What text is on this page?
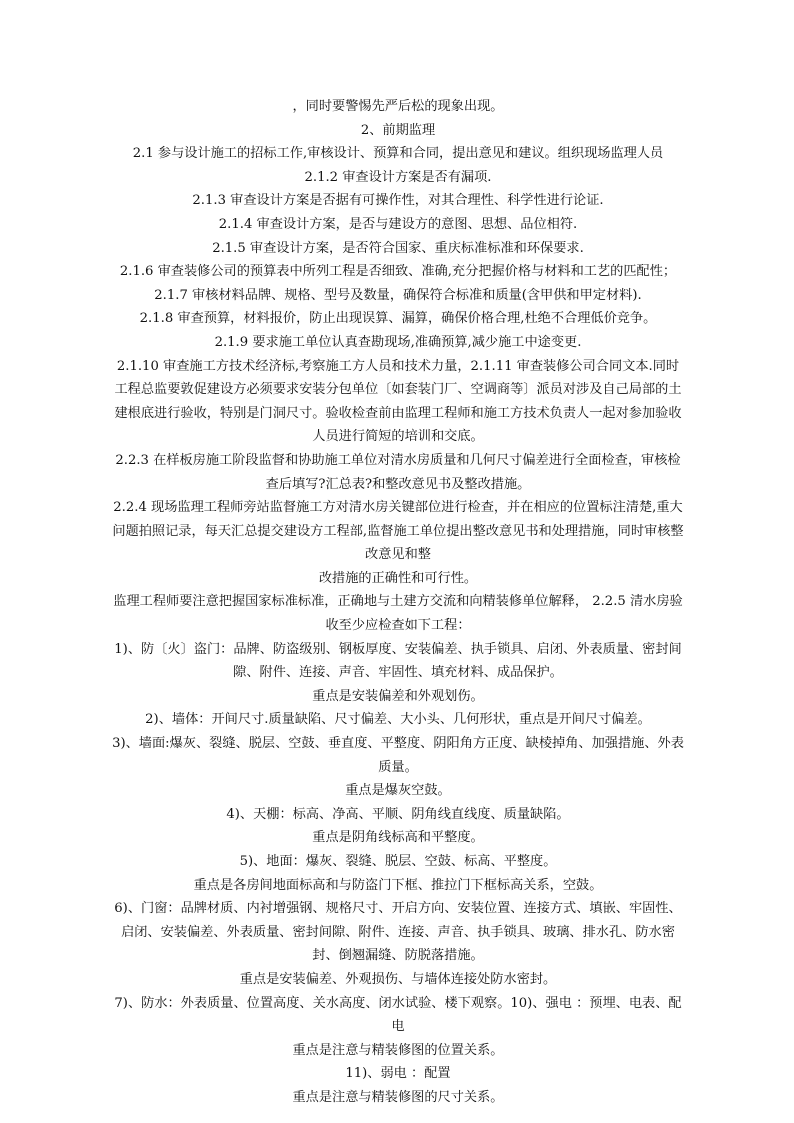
，同时要警惕先严后松的现象出现。

2、前期监理

2.1 参与设计施工的招标工作,审核设计、预算和合同，提出意见和建议。组织现场监理人员

2.1.2 审查设计方案是否有漏项.

2.1.3 审查设计方案是否据有可操作性，对其合理性、科学性进行论证.

2.1.4 审查设计方案，是否与建设方的意图、思想、品位相符.

2.1.5 审查设计方案，是否符合国家、重庆标准标准和环保要求.

2.1.6 审查装修公司的预算表中所列工程是否细致、准确,充分把握价格与材料和工艺的匹配性；

2.1.7 审核材料品牌、规格、型号及数量，确保符合标准和质量(含甲供和甲定材料).

2.1.8 审查预算，材料报价，防止出现误算、漏算，确保价格合理,杜绝不合理低价竞争。

2.1.9 要求施工单位认真查勘现场,准确预算,减少施工中途变更.

2.1.10 审查施工方技术经济标,考察施工方人员和技术力量，2.1.11 审查装修公司合同文本.同时工程总监要敦促建设方必须要求安装分包单位〔如套装门厂、空调商等〕派员对涉及自己局部的土建根底进行验收，特别是门洞尺寸。验收检查前由监理工程师和施工方技术负责人一起对参加验收人员进行简短的培训和交底。

2.2.3 在样板房施工阶段监督和协助施工单位对清水房质量和几何尺寸偏差进行全面检查，审核检查后填写?汇总表?和整改意见书及整改措施。

2.2.4 现场监理工程师旁站监督施工方对清水房关键部位进行检查，并在相应的位置标注清楚,重大问题拍照记录，每天汇总提交建设方工程部,监督施工单位提出整改意见书和处理措施，同时审核整改意见和整

改措施的正确性和可行性。

监理工程师要注意把握国家标准标准，正确地与土建方交流和向精装修单位解释， 2.2.5 清水房验收至少应检查如下工程：

1)、防〔火〕盗门：品牌、防盗级别、钢板厚度、安装偏差、执手锁具、启闭、外表质量、密封间隙、附件、连接、声音、牢固性、填充材料、成品保护。

重点是安装偏差和外观划伤。

2)、墙体：开间尺寸.质量缺陷、尺寸偏差、大小头、几何形状，重点是开间尺寸偏差。

3)、墙面:爆灰、裂缝、脱层、空鼓、垂直度、平整度、阴阳角方正度、缺棱掉角、加强措施、外表质量。

重点是爆灰空鼓。

4)、天棚：标高、净高、平顺、阴角线直线度、质量缺陷。

重点是阴角线标高和平整度。

5)、地面：爆灰、裂缝、脱层、空鼓、标高、平整度。

重点是各房间地面标高和与防盗门下框、推拉门下框标高关系，空鼓。

6)、门窗：品牌材质、内衬增强钢、规格尺寸、开启方向、安装位置、连接方式、填嵌、牢固性、启闭、安装偏差、外表质量、密封间隙、附件、连接、声音、执手锁具、玻璃、排水孔、防水密封、倒翘漏缝、防脱落措施。

重点是安装偏差、外观损伤、与墙体连接处防水密封。

7)、防水：外表质量、位置高度、关水高度、闭水试验、楼下观察。10)、强电 ：预埋、电表、配电

重点是注意与精装修图的位置关系。

11)、弱电 ：配置

重点是注意与精装修图的尺寸关系。
